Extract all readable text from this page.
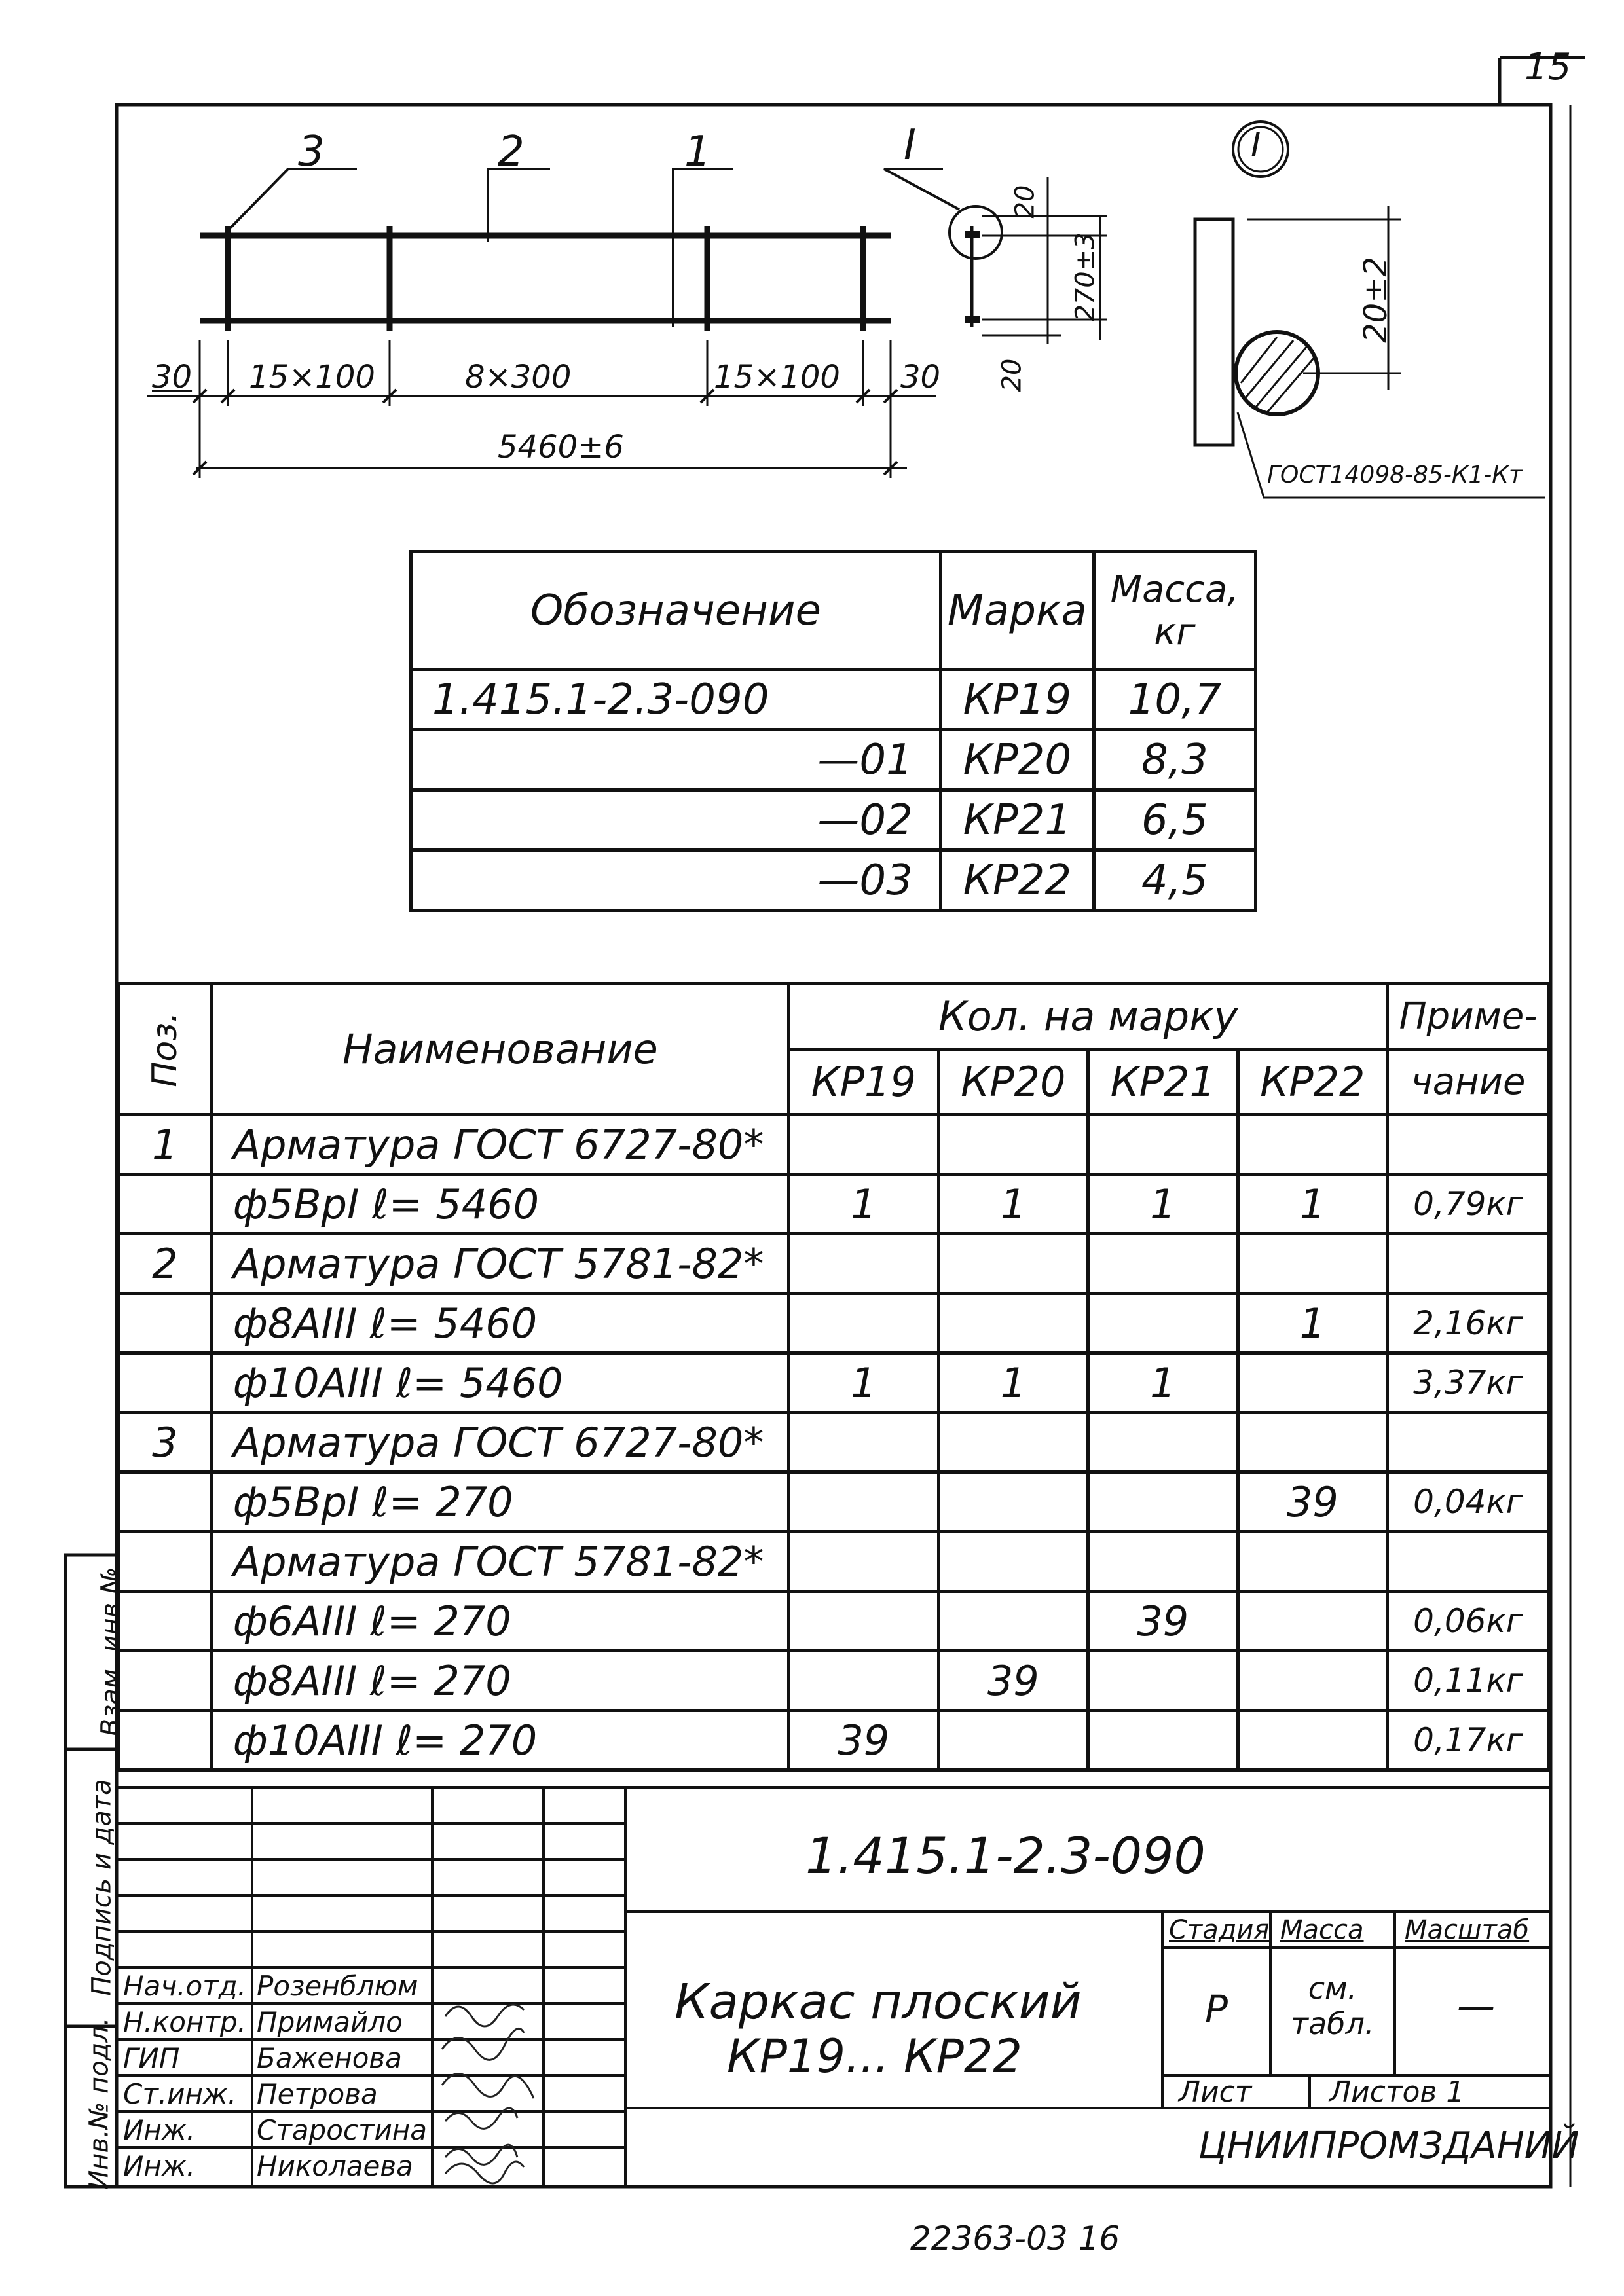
15
3	2	1	I	I
30 15×100	8×300	15×100 30
5460±6
20
270±3
20
20±2
ГОСТ14098-85-К1-Кт
Обозначение	Марка	Масса, кг
1.415.1-2.3-090	КР19	10,7
—01	КР20	8,3
—02	КР21	6,5
—03	КР22	4,5
Поз.	Наименование	Кол. на марку				Приме-
		КР19	КР20	КР21	КР22	чание
1	Арматура ГОСТ 6727-80*					
	ф5ВрI ℓ= 5460	1	1	1	1	0,79кг
2	Арматура ГОСТ 5781-82*					
	ф8АIII ℓ= 5460				1	2,16кг
	ф10АIII ℓ= 5460	1	1	1		3,37кг
3	Арматура ГОСТ 6727-80*					
	ф5ВрI ℓ= 270				39	0,04кг
	Арматура ГОСТ 5781-82*					
	ф6АIII ℓ= 270			39		0,06кг
	ф8АIII ℓ= 270		39			0,11кг
	ф10АIII ℓ= 270	39				0,17кг
Нач.отд. Розенблюм
Н.контр. Примайло
ГИП	Баженова
Ст.инж. Петрова
Инж. Старостина
Инж. Николаева
1.415.1-2.3-090
Каркас плоский
КР19... КР22
Стадия Масса Масштаб
Р	см. табл.	—
Лист	Листов 1
ЦНИИПРОМЗДАНИЙ
Инв.№ подл.
Подпись и дата
Взам. инв.№
22363-03 16
